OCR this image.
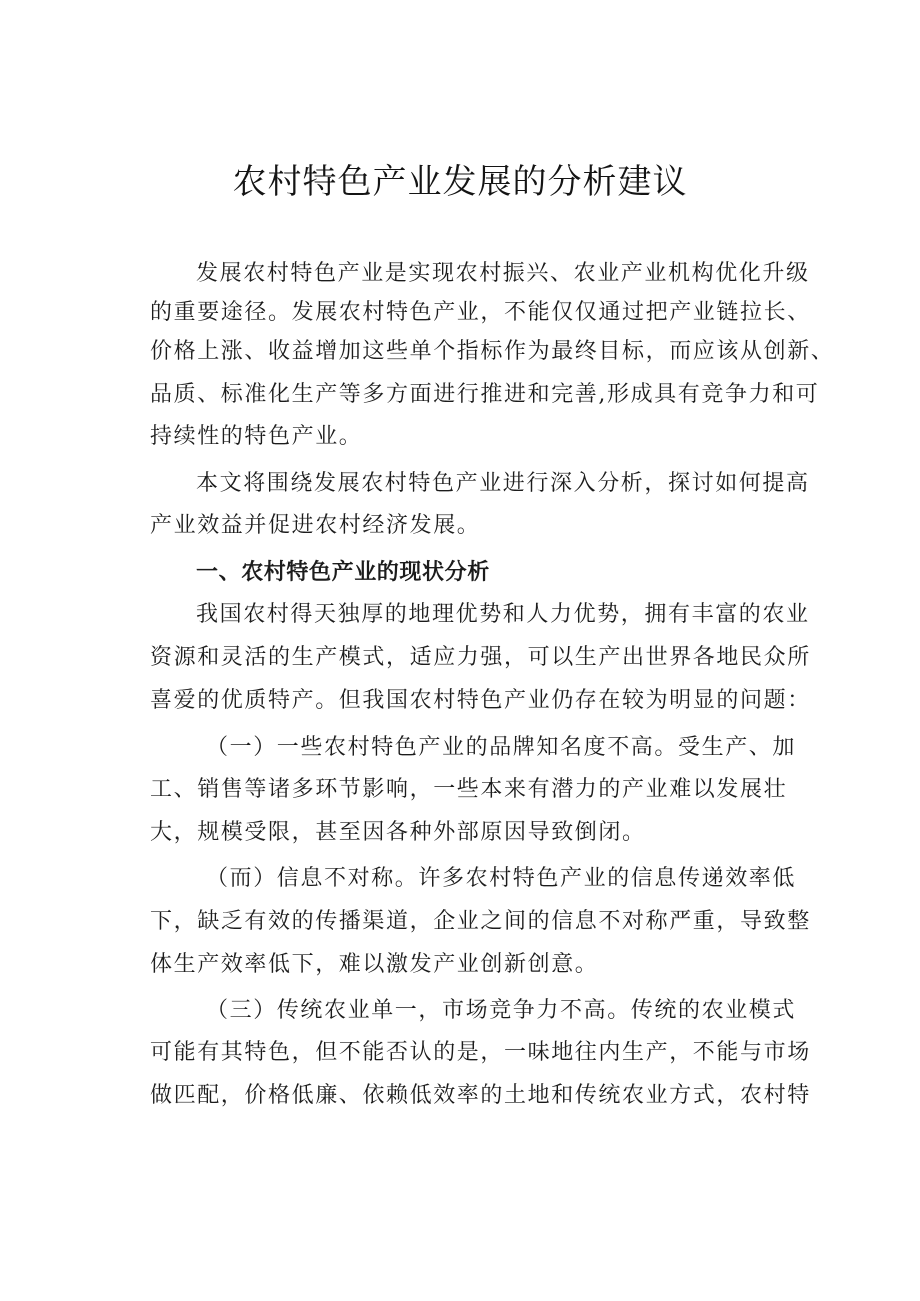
农村特色产业发展的分析建议
发展农村特色产业是实现农村振兴、农业产业机构优化升级
的重要途径。发展农村特色产业，不能仅仅通过把产业链拉长、
价格上涨、收益增加这些单个指标作为最终目标，而应该从创新、
品质、标准化生产等多方面进行推进和完善,形成具有竞争力和可
持续性的特色产业。
本文将围绕发展农村特色产业进行深入分析，探讨如何提高
产业效益并促进农村经济发展。
一、农村特色产业的现状分析
我国农村得天独厚的地理优势和人力优势，拥有丰富的农业
资源和灵活的生产模式，适应力强，可以生产出世界各地民众所
喜爱的优质特产。但我国农村特色产业仍存在较为明显的问题：
（一）一些农村特色产业的品牌知名度不高。受生产、加
工、销售等诸多环节影响，一些本来有潜力的产业难以发展壮
大，规模受限，甚至因各种外部原因导致倒闭。
（而）信息不对称。许多农村特色产业的信息传递效率低
下，缺乏有效的传播渠道，企业之间的信息不对称严重，导致整
体生产效率低下，难以激发产业创新创意。
（三）传统农业单一，市场竞争力不高。传统的农业模式
可能有其特色，但不能否认的是，一味地往内生产，不能与市场
做匹配，价格低廉、依赖低效率的土地和传统农业方式，农村特
